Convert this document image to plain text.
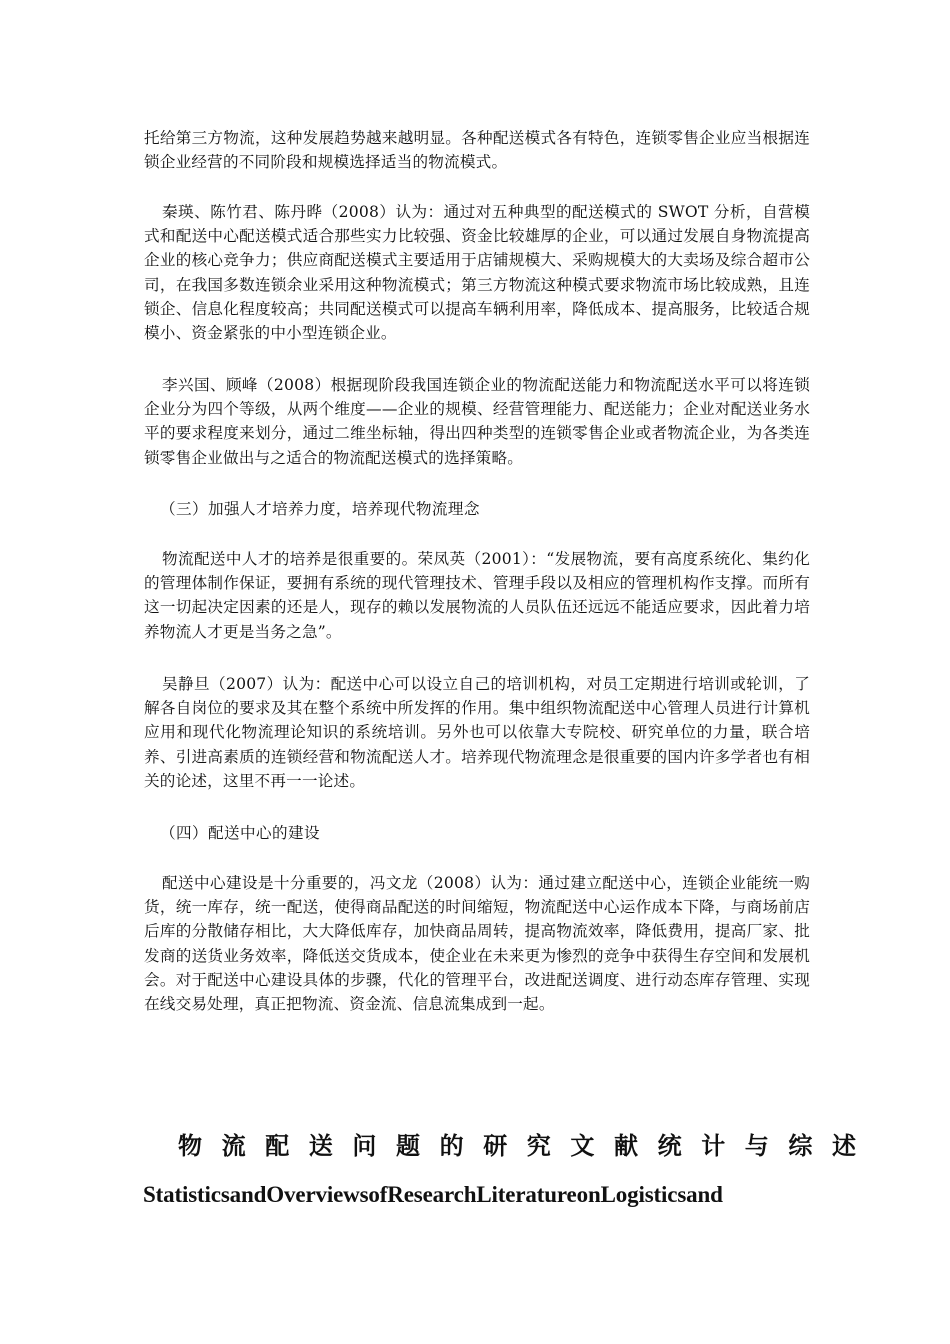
托给第三方物流，这种发展趋势越来越明显。各种配送模式各有特色，连锁零售企业应当根据连锁企业经营的不同阶段和规模选择适当的物流模式。

秦瑛、陈竹君、陈丹晔（2008）认为：通过对五种典型的配送模式的 SWOT 分析，自营模式和配送中心配送模式适合那些实力比较强、资金比较雄厚的企业，可以通过发展自身物流提高企业的核心竞争力；供应商配送模式主要适用于店铺规模大、采购规模大的大卖场及综合超市公司，在我国多数连锁余业采用这种物流模式；第三方物流这种模式要求物流市场比较成熟，且连锁企、信息化程度较高；共同配送模式可以提高车辆利用率，降低成本、提高服务，比较适合规模小、资金紧张的中小型连锁企业。

李兴国、顾峰（2008）根据现阶段我国连锁企业的物流配送能力和物流配送水平可以将连锁企业分为四个等级，从两个维度——企业的规模、经营管理能力、配送能力；企业对配送业务水平的要求程度来划分，通过二维坐标轴，得出四种类型的连锁零售企业或者物流企业，为各类连锁零售企业做出与之适合的物流配送模式的选择策略。

（三）加强人才培养力度，培养现代物流理念

物流配送中人才的培养是很重要的。荣凤英（2001）：“发展物流，要有高度系统化、集约化的管理体制作保证，要拥有系统的现代管理技术、管理手段以及相应的管理机构作支撑。而所有这一切起决定因素的还是人，现存的赖以发展物流的人员队伍还远远不能适应要求，因此着力培养物流人才更是当务之急”。

吴静旦（2007）认为：配送中心可以设立自己的培训机构，对员工定期进行培训或轮训，了解各自岗位的要求及其在整个系统中所发挥的作用。集中组织物流配送中心管理人员进行计算机应用和现代化物流理论知识的系统培训。另外也可以依靠大专院校、研究单位的力量，联合培养、引进高素质的连锁经营和物流配送人才。培养现代物流理念是很重要的国内许多学者也有相关的论述，这里不再一一论述。

（四）配送中心的建设

配送中心建设是十分重要的，冯文龙（2008）认为：通过建立配送中心，连锁企业能统一购货，统一库存，统一配送，使得商品配送的时间缩短，物流配送中心运作成本下降，与商场前店后库的分散储存相比，大大降低库存，加快商品周转，提高物流效率，降低费用，提高厂家、批发商的送货业务效率，降低送交货成本，使企业在未来更为惨烈的竞争中获得生存空间和发展机会。对于配送中心建设具体的步骤，代化的管理平台，改进配送调度、进行动态库存管理、实现在线交易处理，真正把物流、资金流、信息流集成到一起。

物流配送问题的研究文献统计与综述
StatisticsandOverviewsofResearchLiteratureonLogisticsand
